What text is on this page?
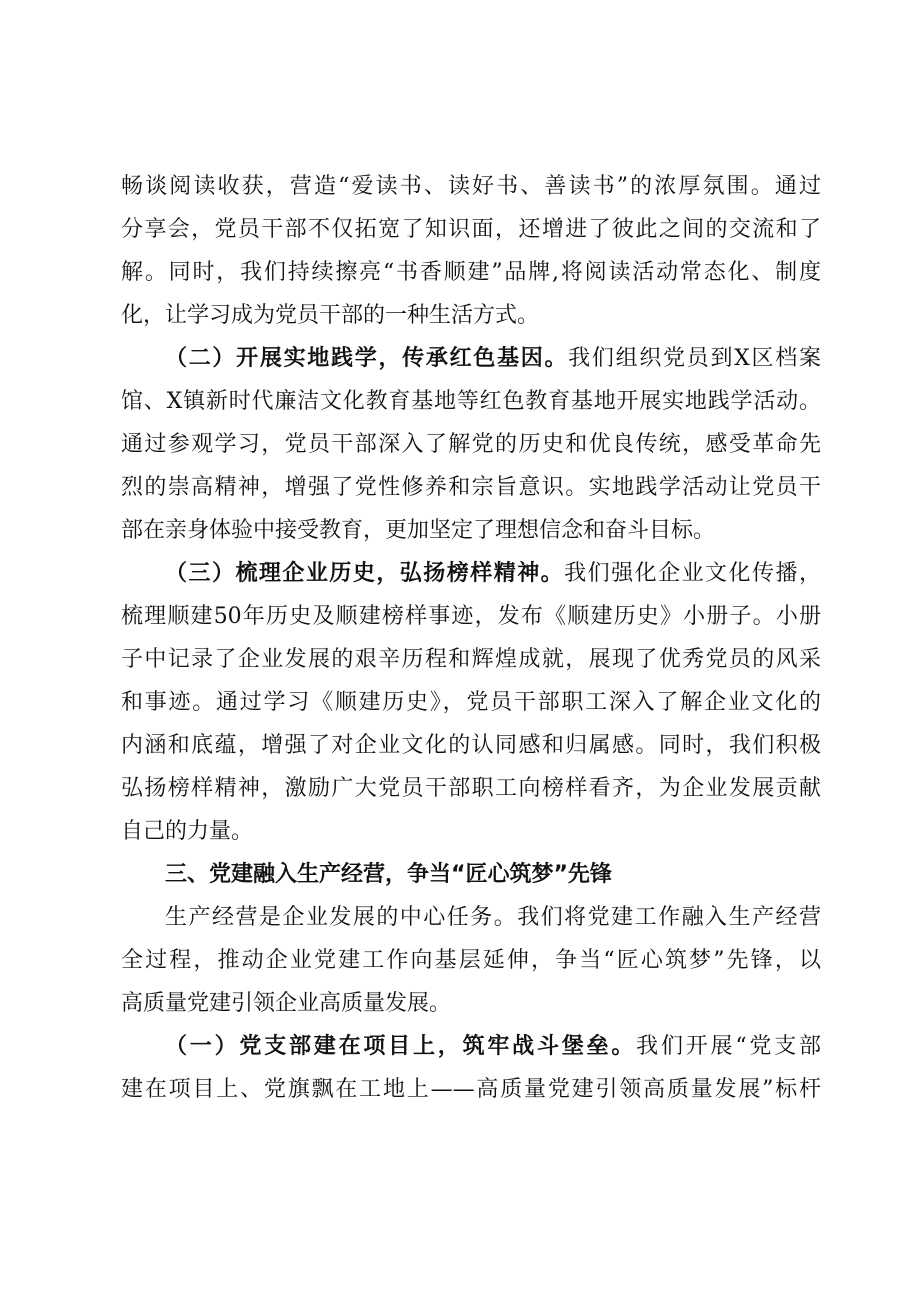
畅谈阅读收获，营造“爱读书、读好书、善读书”的浓厚氛围。通过
分享会，党员干部不仅拓宽了知识面，还增进了彼此之间的交流和了
解。同时，我们持续擦亮“书香顺建”品牌,将阅读活动常态化、制度
化，让学习成为党员干部的一种生活方式。
（二）开展实地践学，传承红色基因。我们组织党员到X区档案
馆、X镇新时代廉洁文化教育基地等红色教育基地开展实地践学活动。
通过参观学习，党员干部深入了解党的历史和优良传统，感受革命先
烈的崇高精神，增强了党性修养和宗旨意识。实地践学活动让党员干
部在亲身体验中接受教育，更加坚定了理想信念和奋斗目标。
（三）梳理企业历史，弘扬榜样精神。我们强化企业文化传播，
梳理顺建50年历史及顺建榜样事迹，发布《顺建历史》小册子。小册
子中记录了企业发展的艰辛历程和辉煌成就，展现了优秀党员的风采
和事迹。通过学习《顺建历史》，党员干部职工深入了解企业文化的
内涵和底蕴，增强了对企业文化的认同感和归属感。同时，我们积极
弘扬榜样精神，激励广大党员干部职工向榜样看齐，为企业发展贡献
自己的力量。
三、党建融入生产经营，争当“匠心筑梦”先锋
生产经营是企业发展的中心任务。我们将党建工作融入生产经营
全过程，推动企业党建工作向基层延伸，争当“匠心筑梦”先锋，以
高质量党建引领企业高质量发展。
（一）党支部建在项目上，筑牢战斗堡垒。我们开展“党支部
建在项目上、党旗飘在工地上——高质量党建引领高质量发展”标杆
